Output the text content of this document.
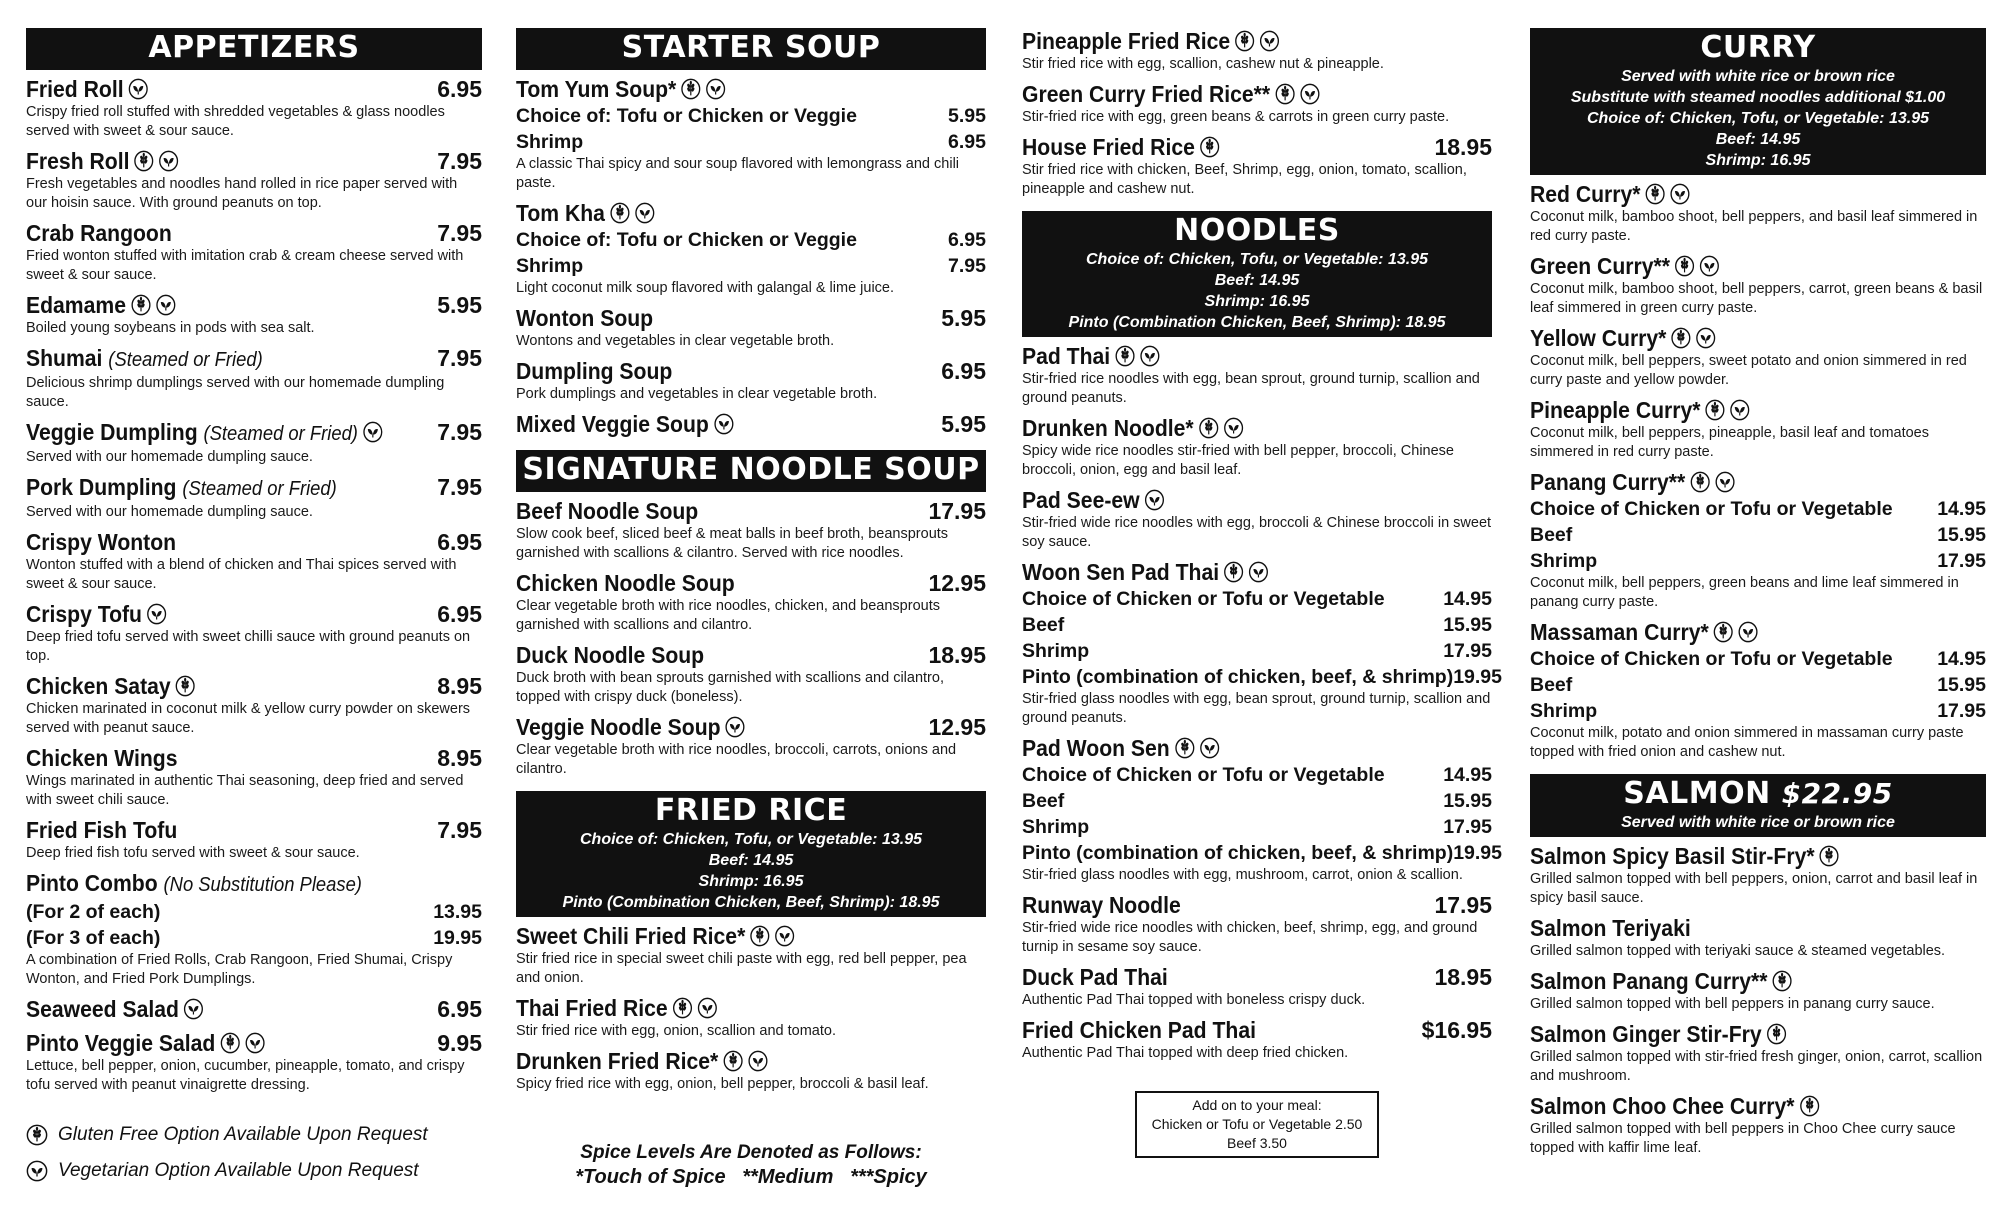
APPETIZERS
Fried Roll	6.95
Crispy fried roll stuffed with shredded vegetables & glass noodles served with sweet & sour sauce.
Fresh Roll	7.95
Fresh vegetables and noodles hand rolled in rice paper served with our hoisin sauce. With ground peanuts on top.
Crab Rangoon	7.95
Fried wonton stuffed with imitation crab & cream cheese served with sweet & sour sauce.
Edamame	5.95
Boiled young soybeans in pods with sea salt.
Shumai (Steamed or Fried)	7.95
Delicious shrimp dumplings served with our homemade dumpling sauce.
Veggie Dumpling (Steamed or Fried)	7.95
Served with our homemade dumpling sauce.
Pork Dumpling (Steamed or Fried)	7.95
Served with our homemade dumpling sauce.
Crispy Wonton	6.95
Wonton stuffed with a blend of chicken and Thai spices served with sweet & sour sauce.
Crispy Tofu	6.95
Deep fried tofu served with sweet chilli sauce with ground peanuts on top.
Chicken Satay	8.95
Chicken marinated in coconut milk & yellow curry powder on skewers served with peanut sauce.
Chicken Wings	8.95
Wings marinated in authentic Thai seasoning, deep fried and served with sweet chili sauce.
Fried Fish Tofu	7.95
Deep fried fish tofu served with sweet & sour sauce.
Pinto Combo (No Substitution Please)
(For 2 of each)	13.95
(For 3 of each)	19.95
A combination of Fried Rolls, Crab Rangoon, Fried Shumai, Crispy Wonton, and Fried Pork Dumplings.
Seaweed Salad	6.95
Pinto Veggie Salad	9.95
Lettuce, bell pepper, onion, cucumber, pineapple, tomato, and crispy tofu served with peanut vinaigrette dressing.
Gluten Free Option Available Upon Request
Vegetarian Option Available Upon Request
STARTER SOUP
Tom Yum Soup*
Choice of: Tofu or Chicken or Veggie	5.95
Shrimp	6.95
A classic Thai spicy and sour soup flavored with lemongrass and chili paste.
Tom Kha
Choice of: Tofu or Chicken or Veggie	6.95
Shrimp	7.95
Light coconut milk soup flavored with galangal & lime juice.
Wonton Soup	5.95
Wontons and vegetables in clear vegetable broth.
Dumpling Soup	6.95
Pork dumplings and vegetables in clear vegetable broth.
Mixed Veggie Soup	5.95
SIGNATURE NOODLE SOUP
Beef Noodle Soup	17.95
Slow cook beef, sliced beef & meat balls in beef broth, beansprouts garnished with scallions & cilantro. Served with rice noodles.
Chicken Noodle Soup	12.95
Clear vegetable broth with rice noodles, chicken, and beansprouts garnished with scallions and cilantro.
Duck Noodle Soup	18.95
Duck broth with bean sprouts garnished with scallions and cilantro, topped with crispy duck (boneless).
Veggie Noodle Soup	12.95
Clear vegetable broth with rice noodles, broccoli, carrots, onions and cilantro.
FRIED RICE
Choice of: Chicken, Tofu, or Vegetable: 13.95
Beef: 14.95
Shrimp: 16.95
Pinto (Combination Chicken, Beef, Shrimp): 18.95
Sweet Chili Fried Rice*
Stir fried rice in special sweet chili paste with egg, red bell pepper, pea and onion.
Thai Fried Rice
Stir fried rice with egg, onion, scallion and tomato.
Drunken Fried Rice*
Spicy fried rice with egg, onion, bell pepper, broccoli & basil leaf.
Spice Levels Are Denoted as Follows:
*Touch of Spice   **Medium   ***Spicy
Pineapple Fried Rice
Stir fried rice with egg, scallion, cashew nut & pineapple.
Green Curry Fried Rice**
Stir-fried rice with egg, green beans & carrots in green curry paste.
House Fried Rice	18.95
Stir fried rice with chicken, Beef, Shrimp, egg, onion, tomato, scallion, pineapple and cashew nut.
NOODLES
Choice of: Chicken, Tofu, or Vegetable: 13.95
Beef: 14.95
Shrimp: 16.95
Pinto (Combination Chicken, Beef, Shrimp): 18.95
Pad Thai
Stir-fried rice noodles with egg, bean sprout, ground turnip, scallion and ground peanuts.
Drunken Noodle*
Spicy wide rice noodles stir-fried with bell pepper, broccoli, Chinese broccoli, onion, egg and basil leaf.
Pad See-ew
Stir-fried wide rice noodles with egg, broccoli & Chinese broccoli in sweet soy sauce.
Woon Sen Pad Thai
Choice of Chicken or Tofu or Vegetable	14.95
Beef	15.95
Shrimp	17.95
Pinto (combination of chicken, beef, & shrimp) 19.95
Stir-fried glass noodles with egg, bean sprout, ground turnip, scallion and ground peanuts.
Pad Woon Sen
Choice of Chicken or Tofu or Vegetable	14.95
Beef	15.95
Shrimp	17.95
Pinto (combination of chicken, beef, & shrimp) 19.95
Stir-fried glass noodles with egg, mushroom, carrot, onion & scallion.
Runway Noodle	17.95
Stir-fried wide rice noodles with chicken, beef, shrimp, egg, and ground turnip in sesame soy sauce.
Duck Pad Thai	18.95
Authentic Pad Thai topped with boneless crispy duck.
Fried Chicken Pad Thai	$16.95
Authentic Pad Thai topped with deep fried chicken.
Add on to your meal:
Chicken or Tofu or Vegetable 2.50
Beef 3.50
CURRY
Served with white rice or brown rice
Substitute with steamed noodles additional $1.00
Choice of: Chicken, Tofu, or Vegetable: 13.95
Beef: 14.95
Shrimp: 16.95
Red Curry*
Coconut milk, bamboo shoot, bell peppers, and basil leaf simmered in red curry paste.
Green Curry**
Coconut milk, bamboo shoot, bell peppers, carrot, green beans & basil leaf simmered in green curry paste.
Yellow Curry*
Coconut milk, bell peppers, sweet potato and onion simmered in red curry paste and yellow powder.
Pineapple Curry*
Coconut milk, bell peppers, pineapple, basil leaf and tomatoes simmered in red curry paste.
Panang Curry**
Choice of Chicken or Tofu or Vegetable 14.95
Beef	15.95
Shrimp	17.95
Coconut milk, bell peppers, green beans and lime leaf simmered in panang curry paste.
Massaman Curry*
Choice of Chicken or Tofu or Vegetable 14.95
Beef	15.95
Shrimp	17.95
Coconut milk, potato and onion simmered in massaman curry paste topped with fried onion and cashew nut.
SALMON $22.95
Served with white rice or brown rice
Salmon Spicy Basil Stir-Fry*
Grilled salmon topped with bell peppers, onion, carrot and basil leaf in spicy basil sauce.
Salmon Teriyaki
Grilled salmon topped with teriyaki sauce & steamed vegetables.
Salmon Panang Curry**
Grilled salmon topped with bell peppers in panang curry sauce.
Salmon Ginger Stir-Fry
Grilled salmon topped with stir-fried fresh ginger, onion, carrot, scallion and mushroom.
Salmon Choo Chee Curry*
Grilled salmon topped with bell peppers in Choo Chee curry sauce topped with kaffir lime leaf.
